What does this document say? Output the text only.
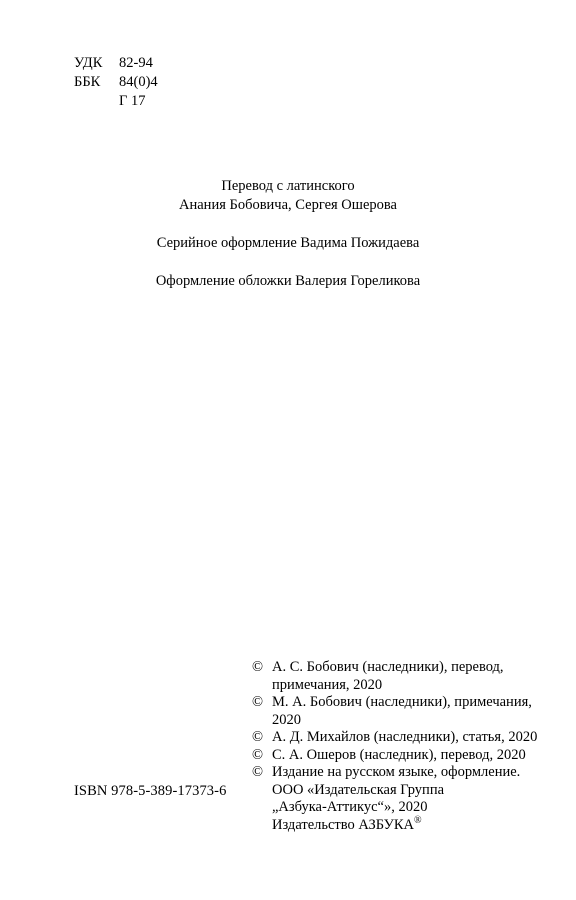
УДК	82-94
ББК	84(0)4
Г 17
Перевод с латинского
Анания Бобовича, Сергея Ошерова
Серийное оформление Вадима Пожидаева
Оформление обложки Валерия Гореликова
© А. С. Бобович (наследники), перевод,
примечания, 2020
© М. А. Бобович (наследники), примечания,
2020
© А. Д. Михайлов (наследники), статья, 2020
© С. А. Ошеров (наследник), перевод, 2020
© Издание на русском языке, оформление.
ООО «Издательская Группа
„Азбука-Аттикус“», 2020
Издательство АЗБУКА®
ISBN 978-5-389-17373-6
